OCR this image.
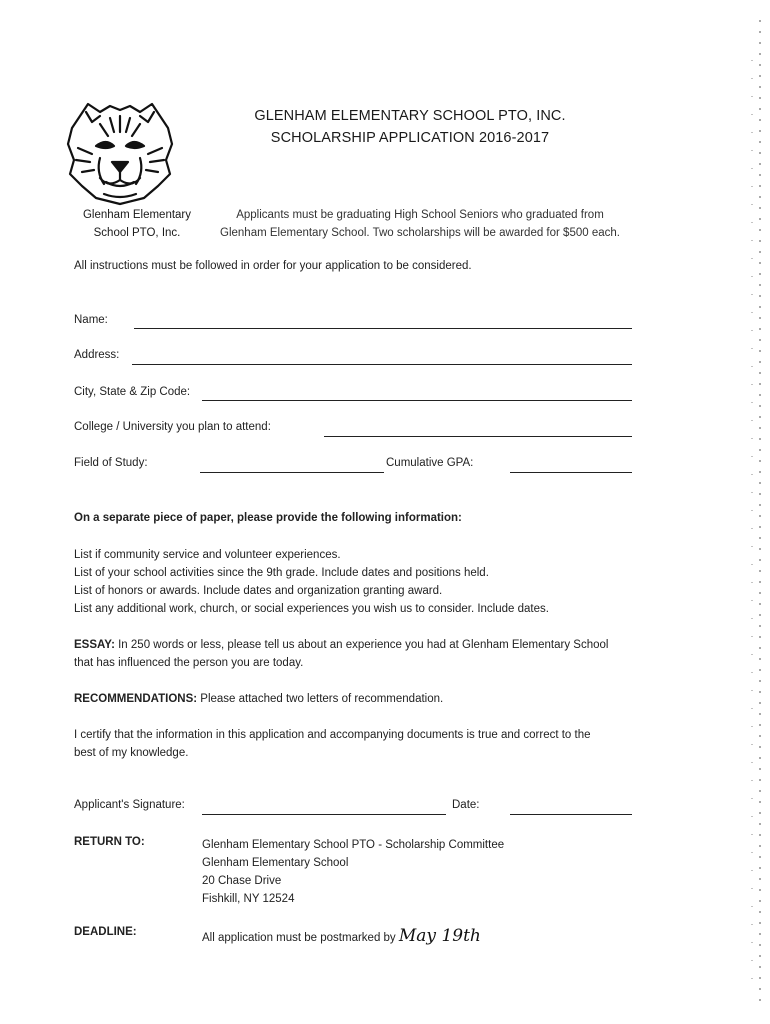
GLENHAM ELEMENTARY SCHOOL PTO, INC.
SCHOLARSHIP APPLICATION 2016-2017
Glenham Elementary
School PTO, Inc.
Applicants must be graduating High School Seniors who graduated from
Glenham Elementary School. Two scholarships will be awarded for $500 each.
All instructions must be followed in order for your application to be considered.
Name:
Address:
City, State & Zip Code:
College / University you plan to attend:
Field of Study:	Cumulative GPA:
On a separate piece of paper, please provide the following information:
List if community service and volunteer experiences.
List of your school activities since the 9th grade. Include dates and positions held.
List of honors or awards. Include dates and organization granting award.
List any additional work, church, or social experiences you wish us to consider. Include dates.
ESSAY: In 250 words or less, please tell us about an experience you had at Glenham Elementary School
that has influenced the person you are today.
RECOMMENDATIONS: Please attached two letters of recommendation.
I certify that the information in this application and accompanying documents is true and correct to the
best of my knowledge.
Applicant's Signature:	Date:
RETURN TO:	Glenham Elementary School PTO - Scholarship Committee
Glenham Elementary School
20 Chase Drive
Fishkill, NY 12524
DEADLINE:	All application must be postmarked by May 19th
